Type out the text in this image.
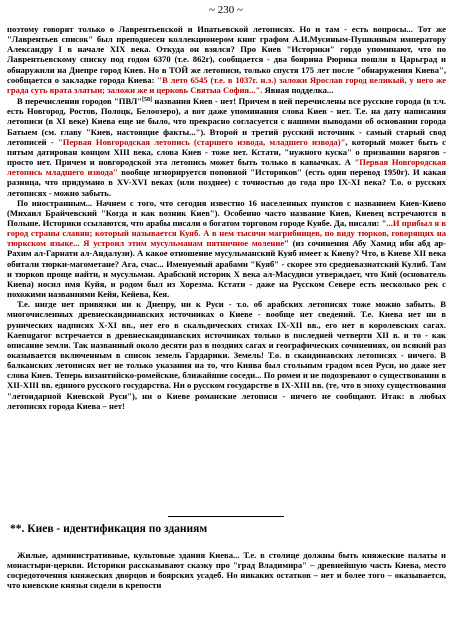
~ 230 ~

поэтому говорят только о Лаврентьевской и Ипатьевской летописях. Но и там - есть вопросы... Тот же "Лаврентьев список" был преподнесен коллекционером книг графом А.И.Мусиным-Пушкиным императору Александру I в начале XIX века. Откуда он взялся? Про Киев "Историки" гордо упоминают, что по Лаврентьевскому списку под годом 6370 (т.е. 862г), сообщается - два боярина Рюрика пошли в Царьград и обнаружили на Днепре город Киев. Но в ТОЙ же летописи, только спустя 175 лет после "обнаружения Киева", сообщается о закладке города Киева: "В лето 6545 (т.е. в 1037г. н.э.) заложи Ярослав город великый, у него же града суть врата златыи; заложи же и церковь Святыа София...". Явная подделка...

В перечислении городов "ПВЛ"[58] названия Киев - нет! Причем в ней перечислены все русские города (в т.ч. есть Новгород, Ростов, Полоцк, Белоозеро), а вот даже упоминания слова Киев - нет. Т.е. на дату написания летописи (в XI веке) Киева еще не было, что прекрасно согласуется с нашими выводами об основании города Батыем (см. главу "Киев, настоящие факты..."). Второй и третий русский источник - самый старый свод летописей - "Первая Новгородская летопись (старшего извода, младшего извода)", который может быть с пятым датирован концом XIII века, слова Киев - тоже нет. Кстати, "нужного куска" о призвании варягов - просто нет. Причем и новгородской эта летопись может быть только в кавычках. А "Первая Новгородская летопись младшего извода" вообще игнорируется поповной "Историков" (есть один перевод 1950г). И какая разница, что придумано в XV-XVI веках (или позднее) с точностью до года про IX-XI века? Т.о. о русских летописях - можно забыть.

По иностранным... Начнем с того, что сегодня известно 16 населенных пунктов с названием Киев-Киево (Михаил Брайчевский "Когда и как возник Киев"). Особенно часто название Киев, Киевец встречаются в Польше. Историки ссылаются, что арабы писали о богатом торговом городе Куябе. Да, писали: "...И прибыл я в город страны славян; который называется Куяб. А в нем тысячи магрибинцев, по виду тюрков, говорящих на тюркском языке... Я устроил этим мусульманам пятничное моление" (из сочинения Абу Хамид ибн абд ар-Рахим ал-Гарнати ал-Андалузи). А какое отношение мусульманский Куяб имеет к Киеву? Что, в Киеве XII века обитали тюрки-магометане? Ага, счас... Именуемый арабами "Куяб" - скорее это средневазиатский Кулиб. Там и тюрков проще найти, и мусульман. Арабский историк X века ал-Масудиси утверждает, что Кий (основатель Киева) носил имя Куйя, и родом был из Хорезма. Кстати - даже на Русском Севере есть несколько рек с похожими названиями Кейя, Кейева, Кея.

Т.е. нигде нет привязки ни к Днепру, ни к Руси - т.о. об арабских летописях тоже можно забыть. В многочисленных древнескандинавских источниках о Киеве - вообще нет сведений. Т.е. Киева нет ни в рунических надписях X-XI вв., нет его в скальдических стихах IX-XII вв., его нет в королевских сагах. Kaenugaror встречается в древнескандинавских источниках только в последней четверти XII в. и то - как описание земли. Так названный около десяти раз в поздних сагах и географических сочинениях, он всякий раз оказывается включенным в список земель Гардарики. Земель! Т.о. в скандинавских летописях - ничего. В балканских летописях нет не только указания на то, что Киява был стольным градом всея Руси, но даже нет слова Киев. Теперь византийско-ромейские, ближайшие соседи... По ромеи и не подозревают о существовании в XII-XIII вв. единого русского государства. Ни о русском государстве в IX-XIII вв. (те, что в эпоху существования "летоидарной Киевской Руси"), ни о Киеве романские летописи - ничего не сообщают. Итак: в любых летописях города Киева – нет!

**. Киев - идентификация по зданиям

Жилые, административные, культовые здания Киева... Т.е. в столице должны быть княжеские палаты и монастыри-церкви. Историки рассказывают сказку про "град Владимира" – древнейшую часть Киева, место сосредоточения княжеских дворцов и боярских усадеб. Но никаких остатков – нет и более того – оказывается, что киевские князья сидели в крепости
